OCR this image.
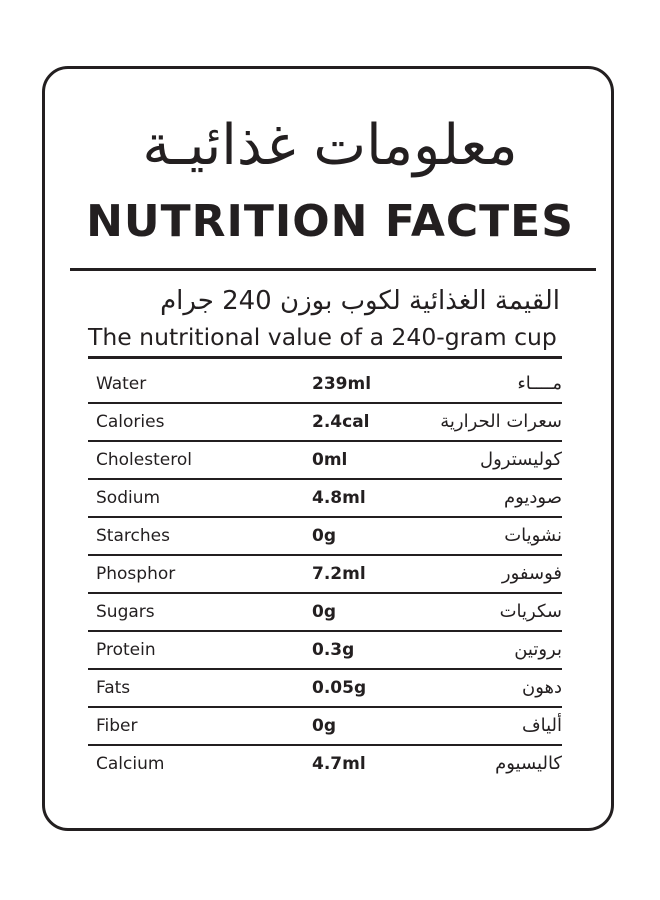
معلومات غذائيـة
NUTRITION FACTES
القيمة الغذائية لكوب بوزن 240 جرام
The nutritional value of a 240-gram cup
Water	239ml	مــــاء
Calories	2.4cal	سعرات الحرارية
Cholesterol	0ml	كوليسترول
Sodium	4.8ml	صوديوم
Starches	0g	نشويات
Phosphor	7.2ml	فوسفور
Sugars	0g	سكريات
Protein	0.3g	بروتين
Fats	0.05g	دهون
Fiber	0g	ألياف
Calcium	4.7ml	كاليسيوم
